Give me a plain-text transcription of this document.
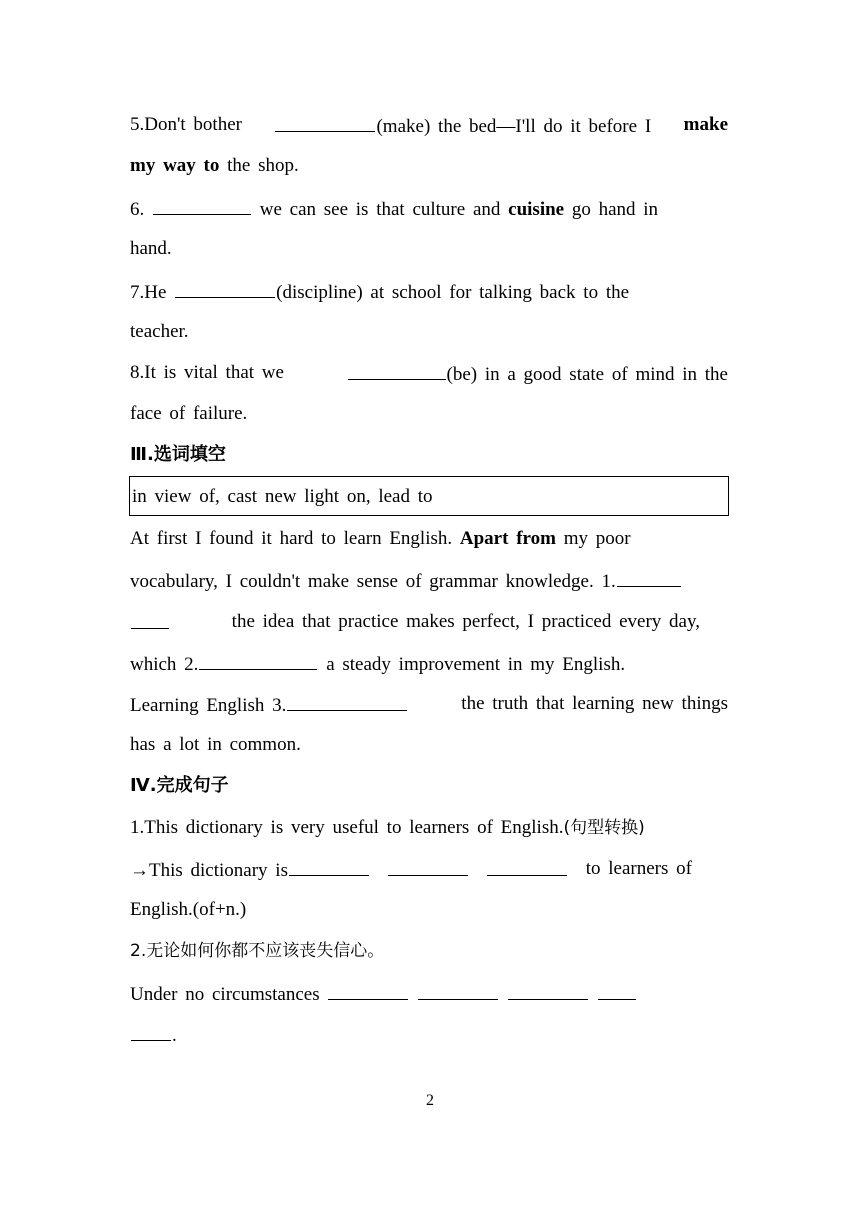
5.Don't bother	(make) the bed—I'll do it before I make
my way to the shop.
6.	we can see is that culture and cuisine go hand in
hand.
7.He	(discipline) at school for talking back to the
teacher.
8.It is vital that we	(be) in a good state of mind in the
face of failure.
Ⅲ.选词填空
in view of, cast new light on, lead to
At first I found it hard to learn English. Apart from my poor
vocabulary, I couldn't make sense of grammar knowledge. 1.
the idea that practice makes perfect, I practiced every day,
which 2.	a steady improvement in my English.
Learning English 3.	the truth that learning new things
has a lot in common.
Ⅳ.完成句子
1.This dictionary is very useful to learners of English.(句型转换)
→This dictionary is	to learners of
English.(of+n.)
2.无论如何你都不应该丧失信心。
Under no circumstances
.
2
